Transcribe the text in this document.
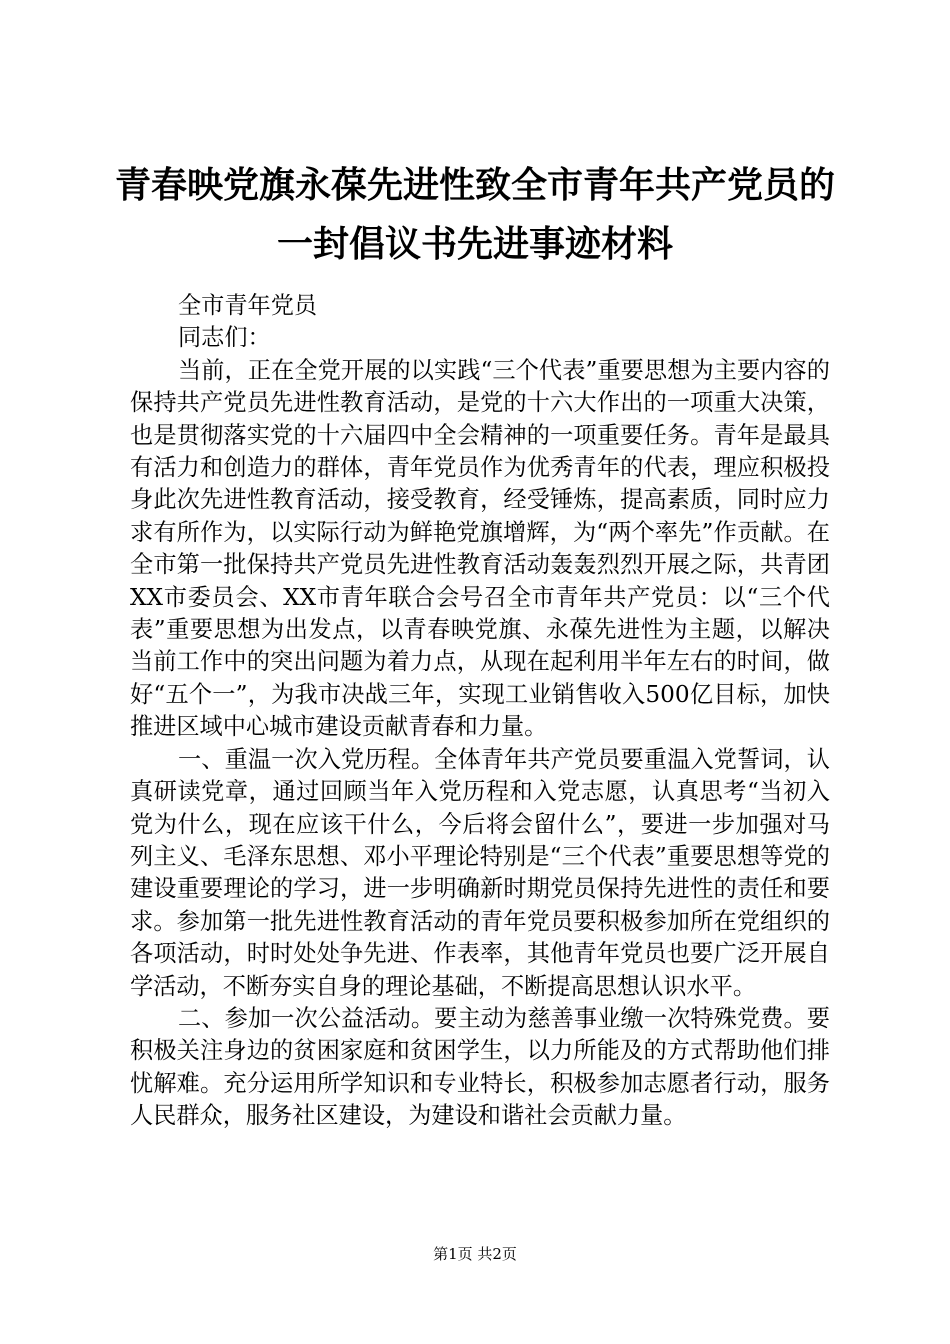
青春映党旗永葆先进性致全市青年共产党员的
一封倡议书先进事迹材料

全市青年党员

同志们：

当前，正在全党开展的以实践“三个代表”重要思想为主要内容的保持共产党员先进性教育活动，是党的十六大作出的一项重大决策，也是贯彻落实党的十六届四中全会精神的一项重要任务。青年是最具有活力和创造力的群体，青年党员作为优秀青年的代表，理应积极投身此次先进性教育活动，接受教育，经受锤炼，提高素质，同时应力求有所作为，以实际行动为鲜艳党旗增辉，为“两个率先”作贡献。在全市第一批保持共产党员先进性教育活动轰轰烈烈开展之际，共青团XX市委员会、XX市青年联合会号召全市青年共产党员：以“三个代表”重要思想为出发点，以青春映党旗、永葆先进性为主题，以解决当前工作中的突出问题为着力点，从现在起利用半年左右的时间，做好“五个一”，为我市决战三年，实现工业销售收入500亿目标，加快推进区域中心城市建设贡献青春和力量。

一、重温一次入党历程。全体青年共产党员要重温入党誓词，认真研读党章，通过回顾当年入党历程和入党志愿，认真思考“当初入党为什么，现在应该干什么，今后将会留什么”，要进一步加强对马列主义、毛泽东思想、邓小平理论特别是“三个代表”重要思想等党的建设重要理论的学习，进一步明确新时期党员保持先进性的责任和要求。参加第一批先进性教育活动的青年党员要积极参加所在党组织的各项活动，时时处处争先进、作表率，其他青年党员也要广泛开展自学活动，不断夯实自身的理论基础，不断提高思想认识水平。

二、参加一次公益活动。要主动为慈善事业缴一次特殊党费。要积极关注身边的贫困家庭和贫困学生，以力所能及的方式帮助他们排忧解难。充分运用所学知识和专业特长，积极参加志愿者行动，服务人民群众，服务社区建设，为建设和谐社会贡献力量。

第1页 共2页
